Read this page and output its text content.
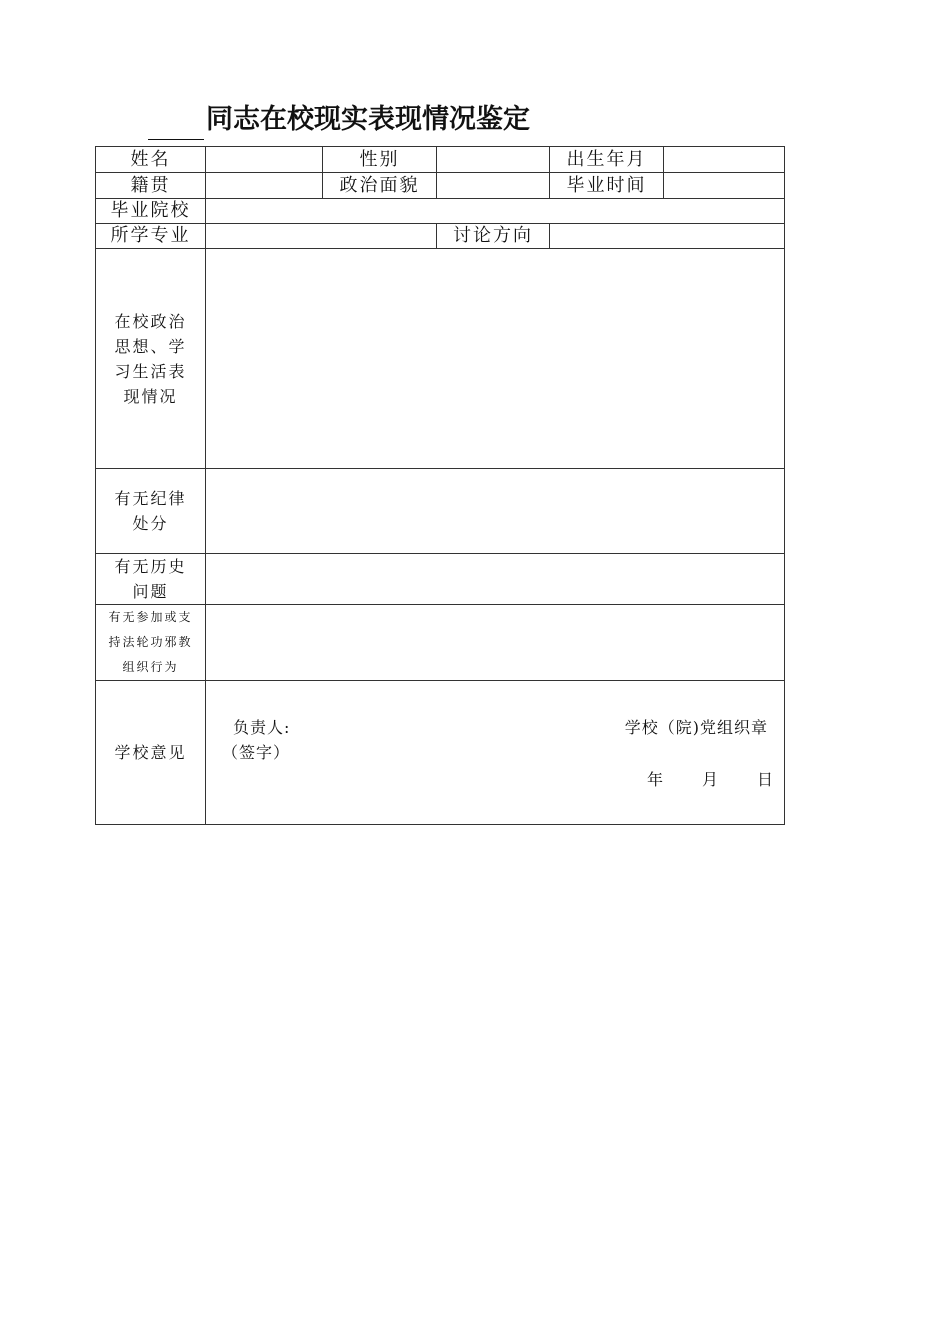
同志在校现实表现情况鉴定
姓名		性别		出生年月	
籍贯		政治面貌		毕业时间	
毕业院校					
所学专业			讨论方向		

在校政治
思想、学
习生活表
现情况					

有无纪律
处分					

有无历史
问题					

有无参加或支
持法轮功邪教
组织行为					

学校意见	负责人:
（签字）
学校（院)党组织章
年 月 日				
